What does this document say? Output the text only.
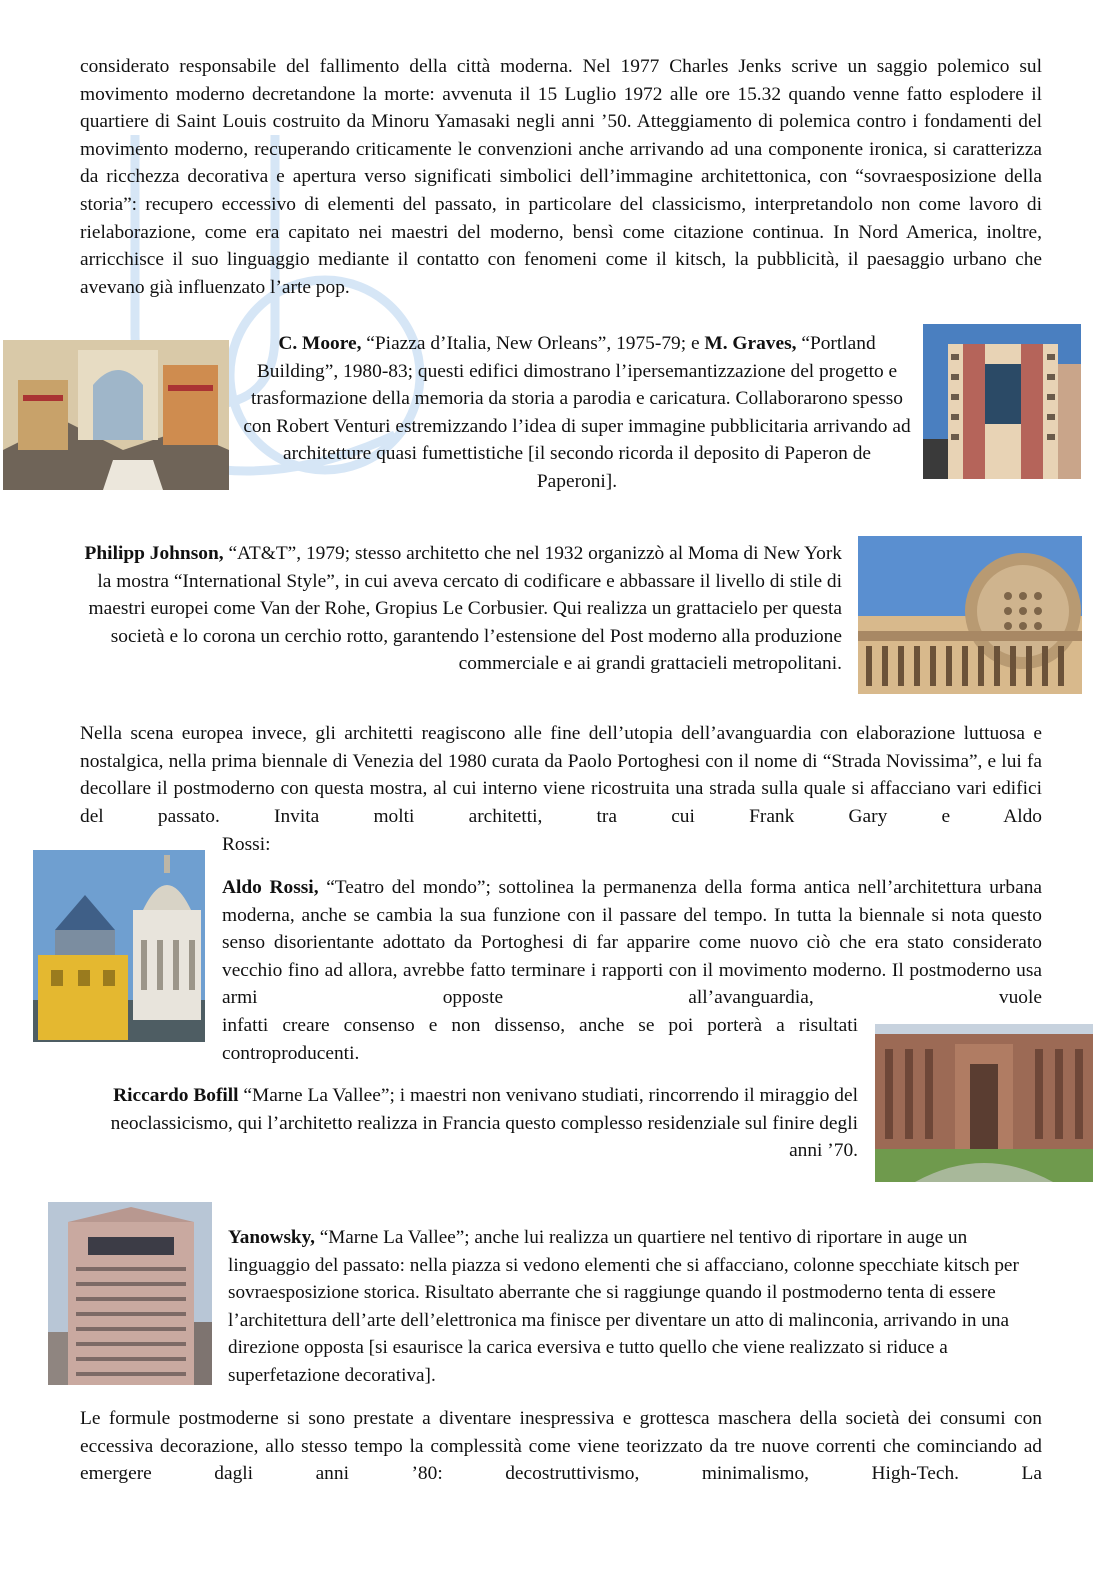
considerato responsabile del fallimento della città moderna. Nel 1977 Charles Jenks scrive un saggio polemico sul movimento moderno decretandone la morte: avvenuta il 15 Luglio 1972 alle ore 15.32 quando venne fatto esplodere il quartiere di Saint Louis costruito da Minoru Yamasaki negli anni ’50. Atteggiamento di polemica contro i fondamenti del movimento moderno, recuperando criticamente le convenzioni anche arrivando ad una componente ironica, si caratterizza da ricchezza decorativa e apertura verso significati simbolici dell’immagine architettonica, con “sovraesposizione della storia”: recupero eccessivo di elementi del passato, in particolare del classicismo, interpretandolo non come lavoro di rielaborazione, come era capitato nei maestri del moderno, bensì come citazione continua. In Nord America, inoltre, arricchisce il suo linguaggio mediante il contatto con fenomeni come il kitsch, la pubblicità, il paesaggio urbano che avevano già influenzato l’arte pop.

C. Moore, “Piazza d’Italia, New Orleans”, 1975-79; e M. Graves, “Portland Building”, 1980-83; questi edifici dimostrano l’ipersemantizzazione del progetto e trasformazione della memoria da storia a parodia e caricatura. Collaborarono spesso con Robert Venturi estremizzando l’idea di super immagine pubblicitaria arrivando ad architetture quasi fumettistiche [il secondo ricorda il deposito di Paperon de Paperoni].

Philipp Johnson, “AT&T”, 1979; stesso architetto che nel 1932 organizzò al Moma di New York la mostra “International Style”, in cui aveva cercato di codificare e abbassare il livello di stile di maestri europei come Van der Rohe, Gropius Le Corbusier. Qui realizza un grattacielo per questa società e lo corona un cerchio rotto, garantendo l’estensione del Post moderno alla produzione commerciale e ai grandi grattacieli metropolitani.

Nella scena europea invece, gli architetti reagiscono alle fine dell’utopia dell’avanguardia con elaborazione luttuosa e nostalgica, nella prima biennale di Venezia del 1980 curata da Paolo Portoghesi con il nome di “Strada Novissima”, e lui fa decollare il postmoderno con questa mostra, al cui interno viene ricostruita una strada sulla quale si affacciano vari edifici del passato. Invita molti architetti, tra cui Frank Gary e Aldo

Rossi:

Aldo Rossi, “Teatro del mondo”; sottolinea la permanenza della forma antica nell’architettura urbana moderna, anche se cambia la sua funzione con il passare del tempo. In tutta la biennale si nota questo senso disorientante adottato da Portoghesi di far apparire come nuovo ciò che era stato considerato vecchio fino ad allora, avrebbe fatto terminare i rapporti con il movimento moderno. Il postmoderno usa armi opposte all’avanguardia, vuole

infatti creare consenso e non dissenso, anche se poi porterà a risultati controproducenti.

Riccardo Bofill “Marne La Vallee”; i maestri non venivano studiati, rincorrendo il miraggio del neoclassicismo, qui l’architetto realizza in Francia questo complesso residenziale sul finire degli anni ’70.

Yanowsky, “Marne La Vallee”; anche lui realizza un quartiere nel tentivo di riportare in auge un linguaggio del passato: nella piazza si vedono elementi che si affacciano, colonne specchiate kitsch per sovraesposizione storica. Risultato aberrante che si raggiunge quando il postmoderno tenta di essere l’architettura dell’arte dell’elettronica ma finisce per diventare un atto di malinconia, arrivando in una direzione opposta [si esaurisce la carica eversiva e tutto quello che viene realizzato si riduce a superfetazione decorativa].

Le formule postmoderne si sono prestate a diventare inespressiva e grottesca maschera della società dei consumi con eccessiva decorazione, allo stesso tempo la complessità come viene teorizzato da tre nuove correnti che cominciando ad emergere dagli anni ’80: decostruttivismo, minimalismo, High-Tech. La
